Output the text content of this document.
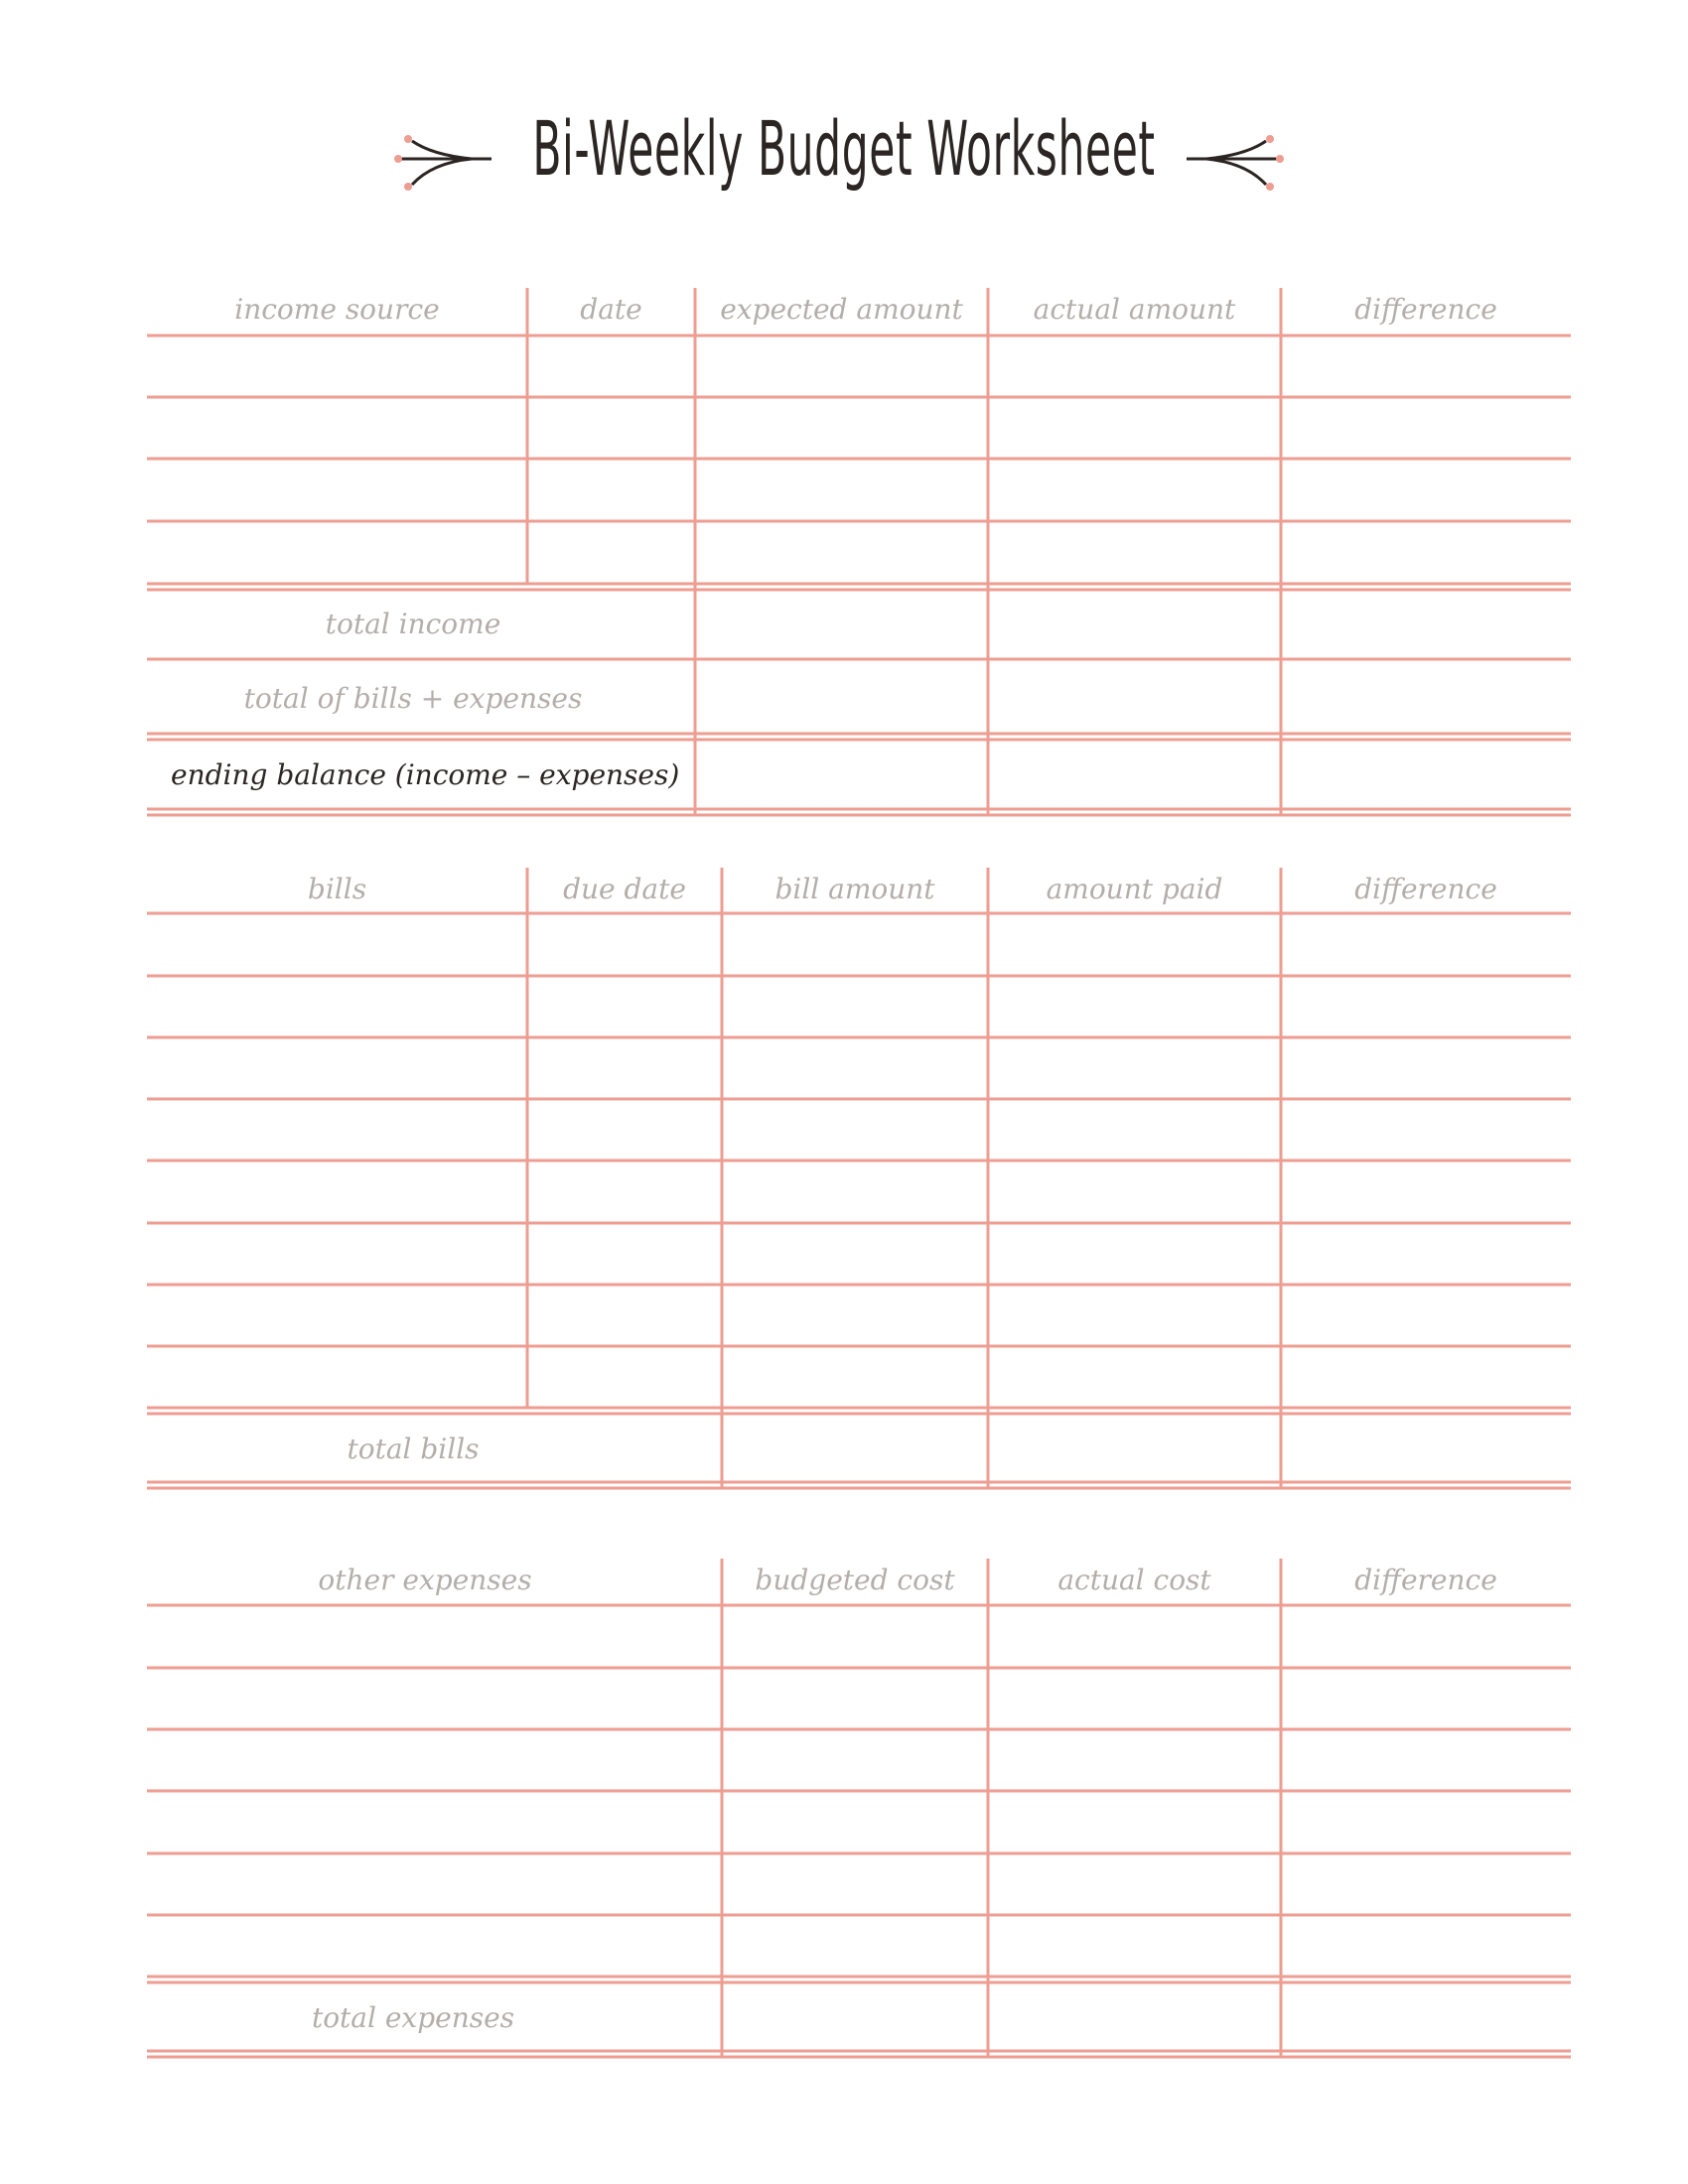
Bi-Weekly Budget Worksheet
income source	date	expected amount	actual amount	difference
total income
total of bills + expenses
ending balance (income – expenses)
bills	due date	bill amount	amount paid	difference
total bills
other expenses	budgeted cost	actual cost	difference
total expenses
